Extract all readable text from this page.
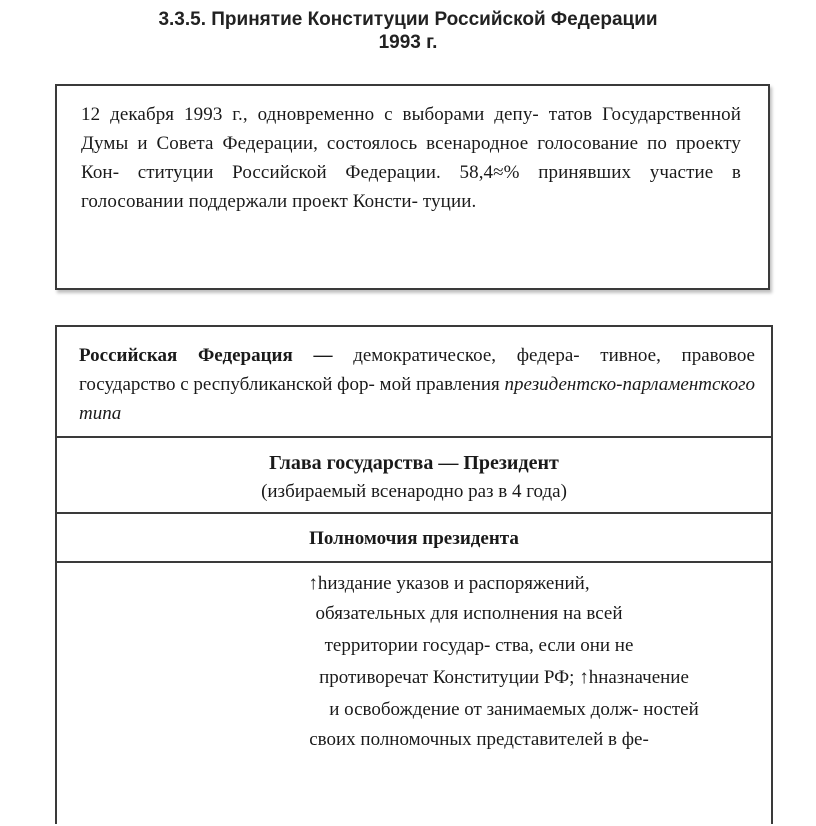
3.3.5. Принятие Конституции Российской Федерации
1993 г.

12 декабря 1993 г., одновременно с выборами депу- татов Государственной Думы и Совета Федерации, состоялось всенародное голосование по проекту Кон- ституции Российской Федерации. 58,4≈% принявших участие в голосовании поддержали проект Консти- туции.

Российская Федерация — демократическое, федера- тивное, правовое государство с республиканской фор- мой правления президентско-парламентского типа

Глава государства — Президент
(избираемый всенародно раз в 4 года)
Полномочия президента
↑hиздание указов и распоряжений,
обязательных для исполнения на всей
территории государ- ства, если они не
противоречат Конституции РФ; ↑hназначение
и освобождение от занимаемых долж- ностей
своих полномочных представителей в фе-
